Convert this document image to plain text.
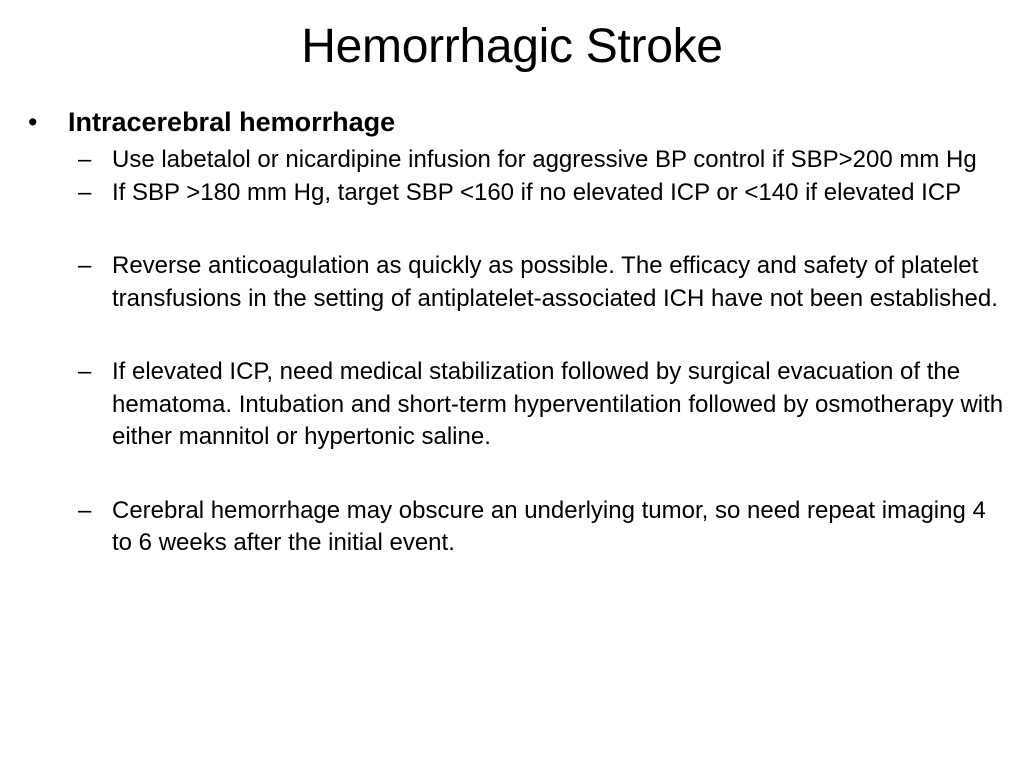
Hemorrhagic Stroke
• Intracerebral hemorrhage
– Use labetalol or nicardipine infusion for aggressive BP control if SBP>200 mm Hg
– If SBP >180 mm Hg, target SBP <160 if no elevated ICP or <140 if elevated ICP
– Reverse anticoagulation as quickly as possible. The efficacy and safety of platelet transfusions in the setting of antiplatelet-associated ICH have not been established.
– If elevated ICP, need medical stabilization followed by surgical evacuation of the hematoma. Intubation and short-term hyperventilation followed by osmotherapy with either mannitol or hypertonic saline.
– Cerebral hemorrhage may obscure an underlying tumor, so need repeat imaging 4 to 6 weeks after the initial event.
